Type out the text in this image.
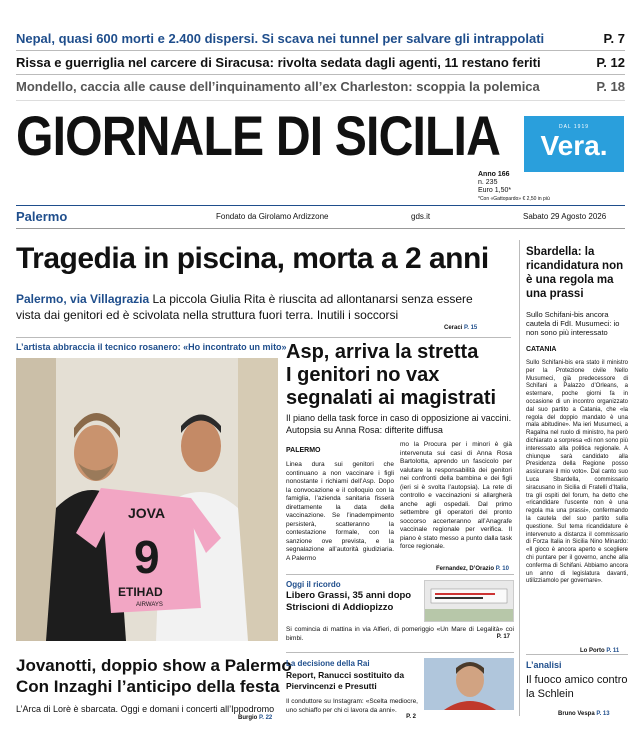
Nepal, quasi 600 morti e 2.400 dispersi. Si scava nei tunnel per salvare gli intrappolati	P. 7
Rissa e guerriglia nel carcere di Siracusa: rivolta sedata dagli agenti, 11 restano feriti	P. 12
Mondello, caccia alle cause dell’inquinamento all’ex Charleston: scoppia la polemica	P. 18
GIORNALE DI SICILIA
Anno 166
n. 235
Euro 1,50*
*Con «Gattopardo» € 2,50 in più
DAL 1919
Vera.
Palermo	Fondato da Girolamo Ardizzone	gds.it	Sabato 29 Agosto 2026
Tragedia in piscina, morta a 2 anni
Palermo, via Villagrazia La piccola Giulia Rita è riuscita ad allontanarsi senza essere vista dai genitori ed è scivolata nella struttura fuori terra. Inutili i soccorsi
Ceraci P. 15
L’artista abbraccia il tecnico rosanero: «Ho incontrato un mito»
JOVA
9
ETIHAD
AIRWAYS
Jovanotti, doppio show a Palermo
Con Inzaghi l’anticipo della festa
L’Arca di Lorè è sbarcata. Oggi e domani i concerti all’Ippodromo
Burgio P. 22
Asp, arriva la stretta
I genitori no vax
segnalati ai magistrati
Il piano della task force in caso di opposizione ai vaccini. Autopsia su Anna Rosa: difterite diffusa
PALERMO
Linea dura sui genitori che continuano a non vaccinare i figli nonostante i richiami dell’Asp. Dopo la convocazione e il colloquio con la famiglia, l’azienda sanitaria fisserà direttamente la data della vaccinazione. Se l’inadempimento persisterà, scatteranno la contestazione formale, con la sanzione ove prevista, e la segnalazione all’autorità giudiziaria. A Palermo
mo la Procura per i minori è già intervenuta sui casi di Anna Rosa Bartolotta, aprendo un fascicolo per valutare la responsabilità dei genitori nei confronti della bambina e dei figli (ieri si è svolta l’autopsia). La rete di controllo e vaccinazioni si allargherà anche agli ospedali. Dal primo settembre gli operatori dei pronto soccorso accerteranno all’Anagrafe vaccinale regionale per verifica. Il piano è stato messo a punto dalla task force regionale.
Fernandez, D’Orazio P. 10
Oggi il ricordo
Libero Grassi, 35 anni dopo Striscioni di Addiopizzo
Si comincia di mattina in via Alfieri, di pomeriggio «Un Mare di Legalità» coi bimbi.	P. 17
La decisione della Rai
Report, Ranucci sostituito da Piervincenzi e Presutti
Il conduttore su Instagram: «Scelta mediocre, uno schiaffo per chi ci lavora da anni».
P. 2
Sbardella: la ricandidatura non è una regola ma una prassi
Sullo Schifani-bis ancora cautela di FdI. Musumeci: io non sono più interessato
CATANIA
Sullo Schifani-bis era stato il ministro per la Protezione civile Nello Musumeci, già predecessore di Schifani a Palazzo d’Orleans, a esternare, poche giorni fa in occasione di un incontro organizzato dal suo partito a Catania, che «la regola del doppio mandato è una mala abitudine». Ma ieri Musumeci, a Ragalna nel ruolo di ministro, ha però dichiarato a sorpresa «di non sono più interessato alla politica regionale. A chiunque sarà candidato alla Presidenza della Regione posso assicurare il mio voto». Dal canto suo Luca Sbardella, commissario siracusano in Sicilia di Fratelli d’Italia, tra gli ospiti del forum, ha detto che «ricandidare l’uscente non è una regola ma una prassi», confermando la cautela del suo partito sulla questione. Sul tema ricandidature è intervenuto a distanza il commissario di Forza Italia in Sicilia Nino Minardo: «Il gioco è ancora aperto e scegliere chi puntare per il governo, anche alla conferma di Schifani. Abbiamo ancora un anno di legislatura davanti, utilizziamolo per governare».
Lo Porto P. 11
L’analisi
Il fuoco amico contro la Schlein
Bruno Vespa P. 13
